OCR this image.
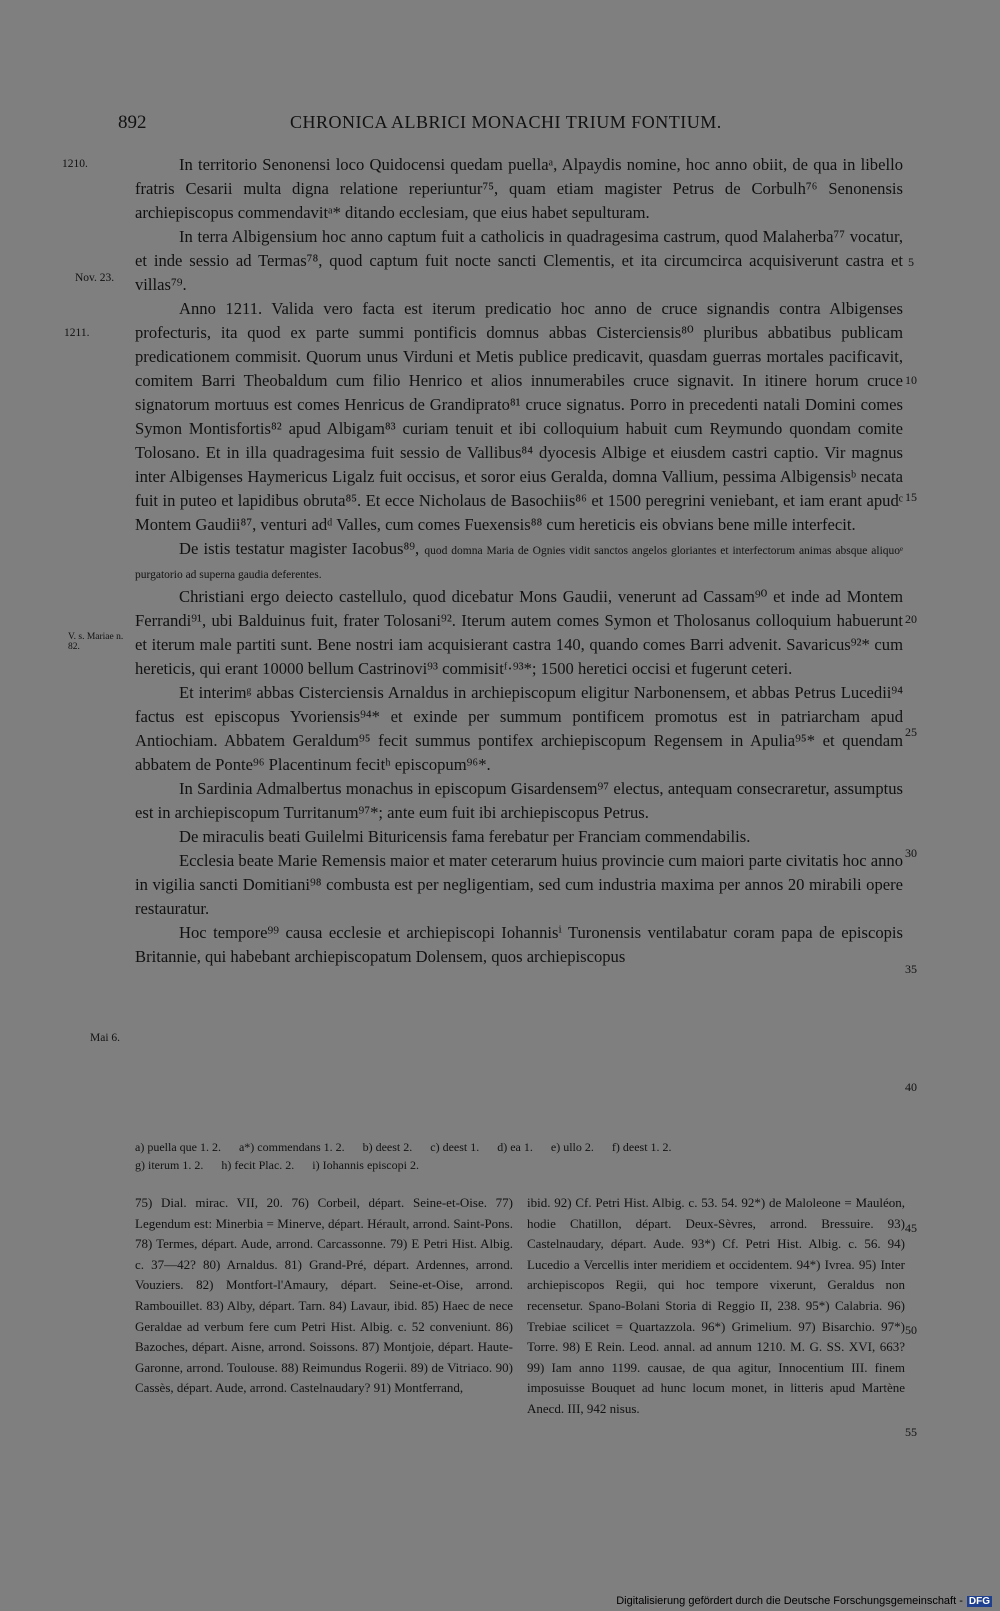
892	CHRONICA ALBRICI MONACHI TRIUM FONTIUM.
1210.
Nov. 23.
1211.
V. s. Mariae n. 82.
Mai 6.
5
10
15
20
25
30
35
40
45
50
55

In territorio Senonensi loco Quidocensi quedam puellaᵃ, Alpaydis nomine, hoc anno obiit, de qua in libello fratris Cesarii multa digna relatione reperiuntur⁷⁵, quam etiam magister Petrus de Corbulh⁷⁶ Senonensis archiepiscopus commendavitᵃ* ditando ecclesiam, que eius habet sepulturam.

In terra Albigensium hoc anno captum fuit a catholicis in quadragesima castrum, quod Malaherba⁷⁷ vocatur, et inde sessio ad Termas⁷⁸, quod captum fuit nocte sancti Clementis, et ita circumcirca acquisiverunt castra et villas⁷⁹.

Anno 1211. Valida vero facta est iterum predicatio hoc anno de cruce signandis contra Albigenses profecturis, ita quod ex parte summi pontificis domnus abbas Cisterciensis⁸⁰ pluribus abbatibus publicam predicationem commisit. Quorum unus Virduni et Metis publice predicavit, quasdam guerras mortales pacificavit, comitem Barri Theobaldum cum filio Henrico et alios innumerabiles cruce signavit. In itinere horum cruce signatorum mortuus est comes Henricus de Grandiprato⁸¹ cruce signatus. Porro in precedenti natali Domini comes Symon Montisfortis⁸² apud Albigam⁸³ curiam tenuit et ibi colloquium habuit cum Reymundo quondam comite Tolosano. Et in illa quadragesima fuit sessio de Vallibus⁸⁴ dyocesis Albige et eiusdem castri captio. Vir magnus inter Albigenses Haymericus Ligalz fuit occisus, et soror eius Geralda, domna Vallium, pessima Albigensisᵇ necata fuit in puteo et lapidibus obruta⁸⁵. Et ecce Nicholaus de Basochiis⁸⁶ et 1500 peregrini veniebant, et iam erant apudᶜ Montem Gaudii⁸⁷, venturi adᵈ Valles, cum comes Fuexensis⁸⁸ cum hereticis eis obvians bene mille interfecit.

De istis testatur magister Iacobus⁸⁹, quod domna Maria de Ognies vidit sanctos angelos gloriantes et interfectorum animas absque aliquoᵉ purgatorio ad superna gaudia deferentes.

Christiani ergo deiecto castellulo, quod dicebatur Mons Gaudii, venerunt ad Cassam⁹⁰ et inde ad Montem Ferrandi⁹¹, ubi Balduinus fuit, frater Tolosani⁹². Iterum autem comes Symon et Tholosanus colloquium habuerunt et iterum male partiti sunt. Bene nostri iam acquisierant castra 140, quando comes Barri advenit. Savaricus⁹²* cum hereticis, qui erant 10000 bellum Castrinovi⁹³ commisitᶠ·⁹³*; 1500 heretici occisi et fugerunt ceteri.

Et interimᵍ abbas Cisterciensis Arnaldus in archiepiscopum eligitur Narbonensem, et abbas Petrus Lucedii⁹⁴ factus est episcopus Yvoriensis⁹⁴* et exinde per summum pontificem promotus est in patriarcham apud Antiochiam. Abbatem Geraldum⁹⁵ fecit summus pontifex archiepiscopum Regensem in Apulia⁹⁵* et quendam abbatem de Ponte⁹⁶ Placentinum fecitʰ episcopum⁹⁶*.

In Sardinia Admalbertus monachus in episcopum Gisardensem⁹⁷ electus, antequam consecraretur, assumptus est in archiepiscopum Turritanum⁹⁷*; ante eum fuit ibi archiepiscopus Petrus.

De miraculis beati Guilelmi Bituricensis fama ferebatur per Franciam commendabilis.

Ecclesia beate Marie Remensis maior et mater ceterarum huius provincie cum maiori parte civitatis hoc anno in vigilia sancti Domitiani⁹⁸ combusta est per negligentiam, sed cum industria maxima per annos 20 mirabili opere restauratur.

Hoc tempore⁹⁹ causa ecclesie et archiepiscopi Iohannisⁱ Turonensis ventilabatur coram papa de episcopis Britannie, qui habebant archiepiscopatum Dolensem, quos archiepiscopus

a) puella que 1. 2.      a*) commendans 1. 2.      b) deest 2.      c) deest 1.      d) ea 1.      e) ullo 2.      f) deest 1. 2.
g) iterum 1. 2.      h) fecit Plac. 2.      i) Iohannis episcopi 2.
75) Dial. mirac. VII, 20. 76) Corbeil, départ. Seine-et-Oise. 77) Legendum est: Minerbia = Minerve, départ. Hérault, arrond. Saint-Pons. 78) Termes, départ. Aude, arrond. Carcassonne. 79) E Petri Hist. Albig. c. 37—42? 80) Arnaldus. 81) Grand-Pré, départ. Ardennes, arrond. Vouziers. 82) Montfort-l'Amaury, départ. Seine-et-Oise, arrond. Rambouillet. 83) Alby, départ. Tarn. 84) Lavaur, ibid. 85) Haec de nece Geraldae ad verbum fere cum Petri Hist. Albig. c. 52 conveniunt. 86) Bazoches, départ. Aisne, arrond. Soissons. 87) Montjoie, départ. Haute-Garonne, arrond. Toulouse. 88) Reimundus Rogerii. 89) de Vitriaco. 90) Cassès, départ. Aude, arrond. Castelnaudary? 91) Montferrand,
ibid. 92) Cf. Petri Hist. Albig. c. 53. 54. 92*) de Maloleone = Mauléon, hodie Chatillon, départ. Deux-Sèvres, arrond. Bressuire. 93) Castelnaudary, départ. Aude. 93*) Cf. Petri Hist. Albig. c. 56. 94) Lucedio a Vercellis inter meridiem et occidentem. 94*) Ivrea. 95) Inter archiepiscopos Regii, qui hoc tempore vixerunt, Geraldus non recensetur. Spano-Bolani Storia di Reggio II, 238. 95*) Calabria. 96) Trebiae scilicet = Quartazzola. 96*) Grimelium. 97) Bisarchio. 97*) Torre. 98) E Rein. Leod. annal. ad annum 1210. M. G. SS. XVI, 663? 99) Iam anno 1199. causae, de qua agitur, Innocentium III. finem imposuisse Bouquet ad hunc locum monet, in litteris apud Martène Anecd. III, 942 nisus.
Digitalisierung gefördert durch die Deutsche Forschungsgemeinschaft - DFG
